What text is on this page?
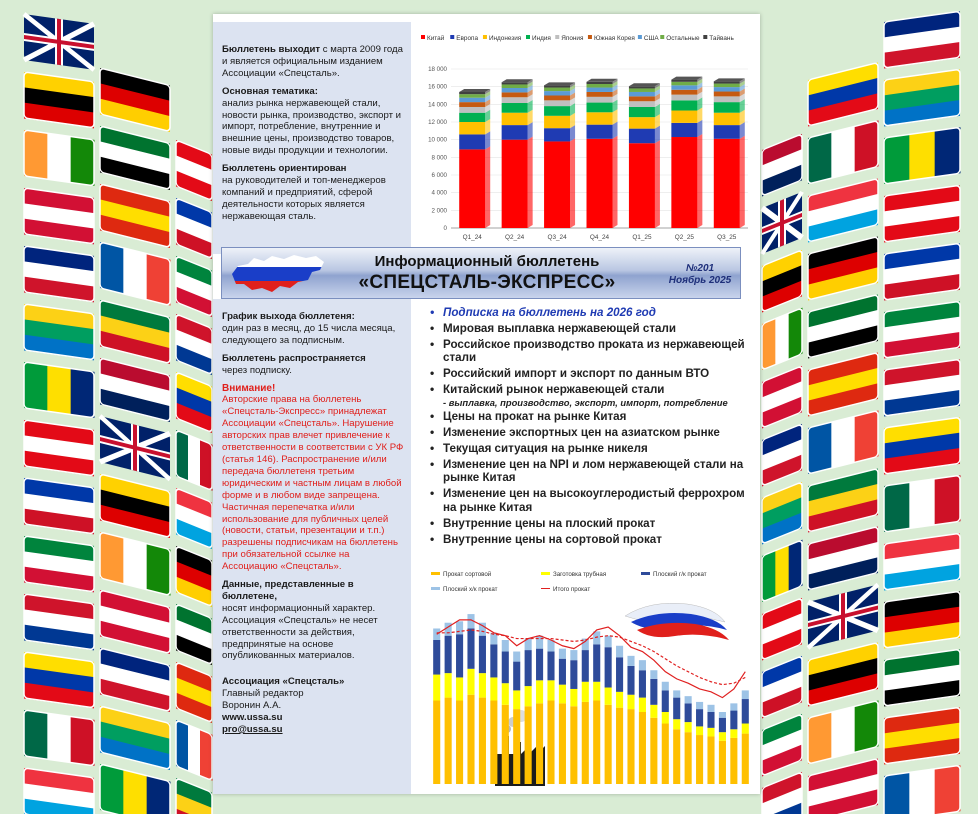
Бюллетень выходит с марта 2009 года и является официальным изданием Ассоциации «Спецсталь».

Основная тематика:
анализ рынка нержавеющей стали, новости рынка, производство, экспорт и импорт, потребление, внутренние и внешние цены, производство товаров, новые виды продукции и технологии.

Бюллетень ориентирован
на руководителей и топ-менеджеров компаний и предприятий, сферой деятельности которых является нержавеющая сталь.

Китай Европа Индонезия Индия Япония Южная Корея США Остальные Тайвань
0
2 000
4 000
6 000
8 000
10 000
12 000
14 000
16 000
18 000
Q1_24	Q2_24	Q3_24	Q4_24	Q1_25	Q2_25	Q3_25
Информационный бюллетень
«СПЕЦСТАЛЬ-ЭКСПРЕСС»
№201
Ноябрь 2025

График выхода бюллетеня:
один раз в месяц, до 15 числа месяца, следующего за подписным.

Бюллетень распространяется
через подписку.

Внимание!
Авторские права на бюллетень «Спецсталь-Экспресс» принадлежат Ассоциации «Спецсталь». Нарушение авторских прав влечет привлечение к ответственности в соответствии с УК РФ (статья 146). Распространение и/или передача бюллетеня третьим юридическим и частным лицам в любой форме и в любом виде запрещена. Частичная перепечатка и/или использование для публичных целей (новости, статьи, презентации и т.п.) разрешены подписчикам на бюллетень при обязательной ссылке на Ассоциацию «Спецсталь».

Данные, представленные в бюллетене,
носят информационный характер. Ассоциация «Спецсталь» не несет ответственности за действия, предпринятые на основе опубликованных материалов.

Ассоциация «Спецсталь»
Главный редактор
Воронин А.А.
www.ussa.su
pro@ussa.su

• Подписка на бюллетень на 2026 год
• Мировая выплавка нержавеющей стали
• Российское производство проката из нержавеющей стали
• Российский импорт и экспорт по данным ВТО
• Китайский рынок нержавеющей стали
- выплавка, производство, экспорт, импорт, потребление
• Цены на прокат на рынке Китая
• Изменение экспортных цен на азиатском рынке
• Текущая ситуация на рынке никеля
• Изменение цен на NPI и лом нержавеющей стали на рынке Китая
• Изменение цен на высокоуглеродистый феррохром на рынке Китая
• Внутренние цены на плоский прокат
• Внутренние цены на сортовой прокат
Прокат сортовой	Заготовка трубная	Плоский г/к прокат
Плоский х/к прокат	Итого прокат
